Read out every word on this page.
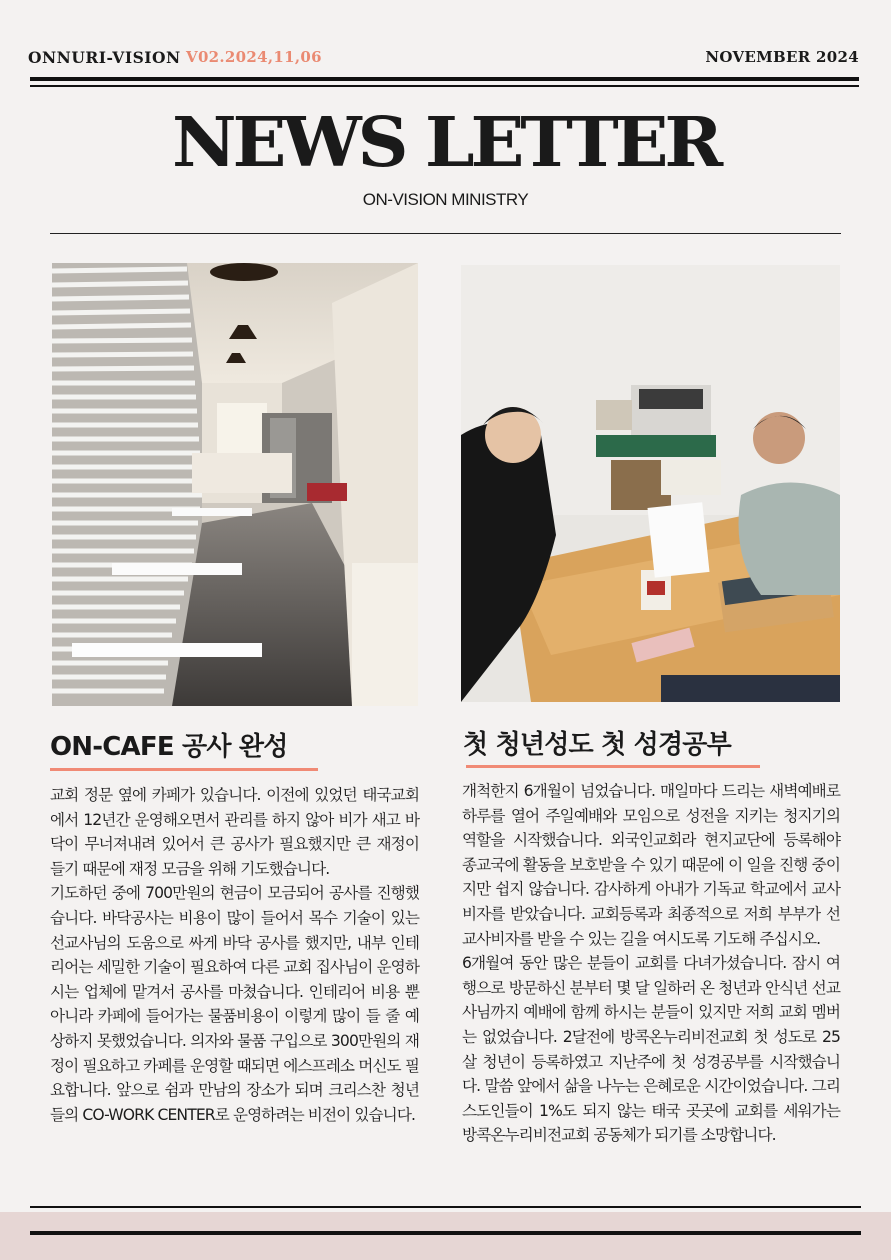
ONNURI-VISION V02.2024,11,06	NOVEMBER 2024
NEWS LETTER
ON-VISION MINISTRY
ON-CAFE 공사 완성

교회 정문 옆에 카페가 있습니다. 이전에 있었던 태국교회에서 12년간 운영해오면서 관리를 하지 않아 비가 새고 바닥이 무너져내려 있어서 큰 공사가 필요했지만 큰 재정이 들기 때문에 재정 모금을 위해 기도했습니다.

기도하던 중에 700만원의 현금이 모금되어 공사를 진행했습니다. 바닥공사는 비용이 많이 들어서 목수 기술이 있는 선교사님의 도움으로 싸게 바닥 공사를 했지만, 내부 인테리어는 세밀한 기술이 필요하여 다른 교회 집사님이 운영하시는 업체에 맡겨서 공사를 마쳤습니다. 인테리어 비용 뿐 아니라 카페에 들어가는 물품비용이 이렇게 많이 들 줄 예상하지 못했었습니다. 의자와 물품 구입으로 300만원의 재정이 필요하고 카페를 운영할 때되면 에스프레소 머신도 필요합니다. 앞으로 쉼과 만남의 장소가 되며 크리스찬 청년들의 CO-WORK CENTER로 운영하려는 비전이 있습니다.

첫 청년성도 첫 성경공부

개척한지 6개월이 넘었습니다. 매일마다 드리는 새벽예배로 하루를 열어 주일예배와 모임으로 성전을 지키는 청지기의 역할을 시작했습니다. 외국인교회라 현지교단에 등록해야 종교국에 활동을 보호받을 수 있기 때문에 이 일을 진행 중이지만 쉽지 않습니다. 감사하게 아내가 기독교 학교에서 교사비자를 받았습니다. 교회등록과 최종적으로 저희 부부가 선교사비자를 받을 수 있는 길을 여시도록 기도해 주십시오.

6개월여 동안 많은 분들이 교회를 다녀가셨습니다. 잠시 여행으로 방문하신 분부터 몇 달 일하러 온 청년과 안식년 선교사님까지 예배에 함께 하시는 분들이 있지만 저희 교회 멤버는 없었습니다. 2달전에 방콕온누리비전교회 첫 성도로 25살 청년이 등록하였고 지난주에 첫 성경공부를 시작했습니다. 말씀 앞에서 삶을 나누는 은혜로운 시간이었습니다. 그리스도인들이 1%도 되지 않는 태국 곳곳에 교회를 세워가는 방콕온누리비전교회 공동체가 되기를 소망합니다.
